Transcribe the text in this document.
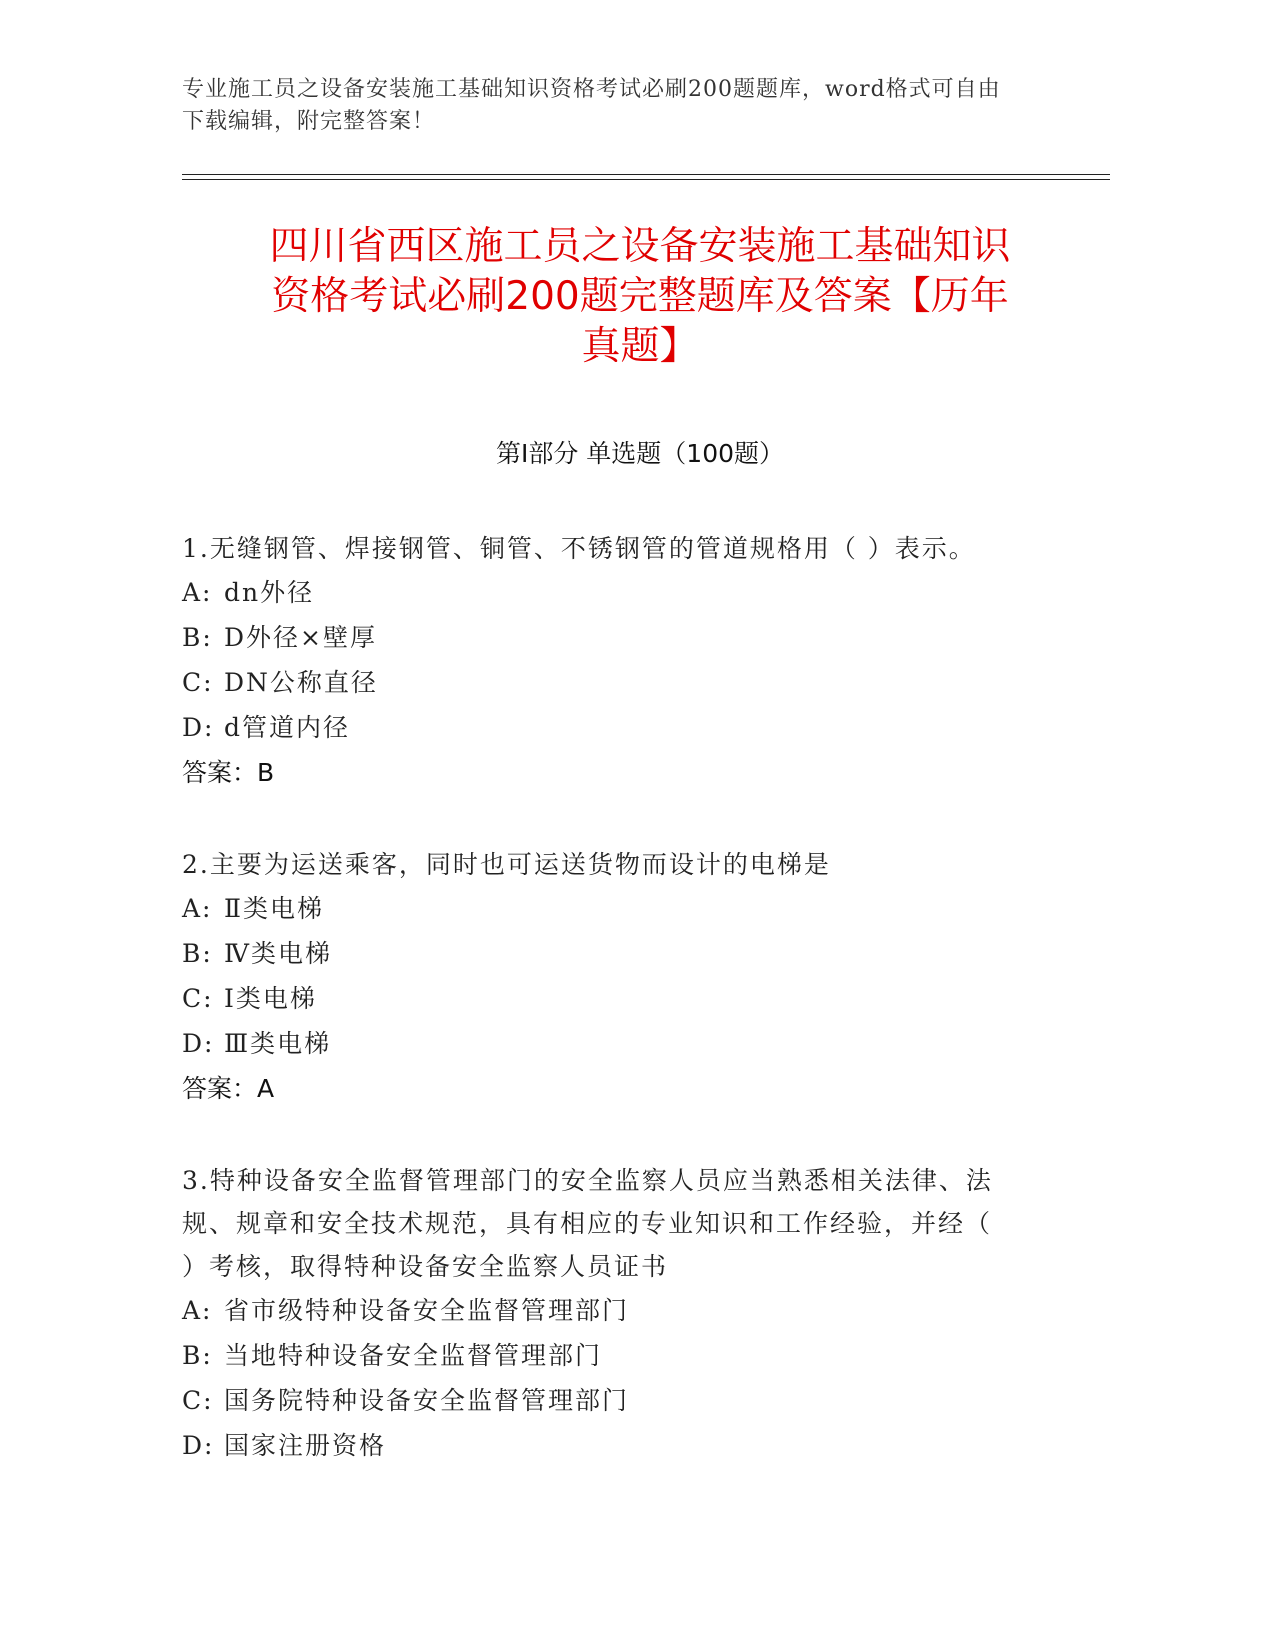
专业施工员之设备安装施工基础知识资格考试必刷200题题库，word格式可自由
下载编辑，附完整答案！
四川省西区施工员之设备安装施工基础知识
资格考试必刷200题完整题库及答案【历年
真题】
第Ⅰ部分 单选题（100题）
1.无缝钢管、焊接钢管、铜管、不锈钢管的管道规格用（ ）表示。
A: dn外径
B: D外径×壁厚
C: DN公称直径
D: d管道内径
答案：B
2.主要为运送乘客，同时也可运送货物而设计的电梯是
A: Ⅱ类电梯
B: Ⅳ类电梯
C: Ⅰ类电梯
D: Ⅲ类电梯
答案：A
3.特种设备安全监督管理部门的安全监察人员应当熟悉相关法律、法
规、规章和安全技术规范，具有相应的专业知识和工作经验，并经（
）考核，取得特种设备安全监察人员证书
A: 省市级特种设备安全监督管理部门
B: 当地特种设备安全监督管理部门
C: 国务院特种设备安全监督管理部门
D: 国家注册资格
